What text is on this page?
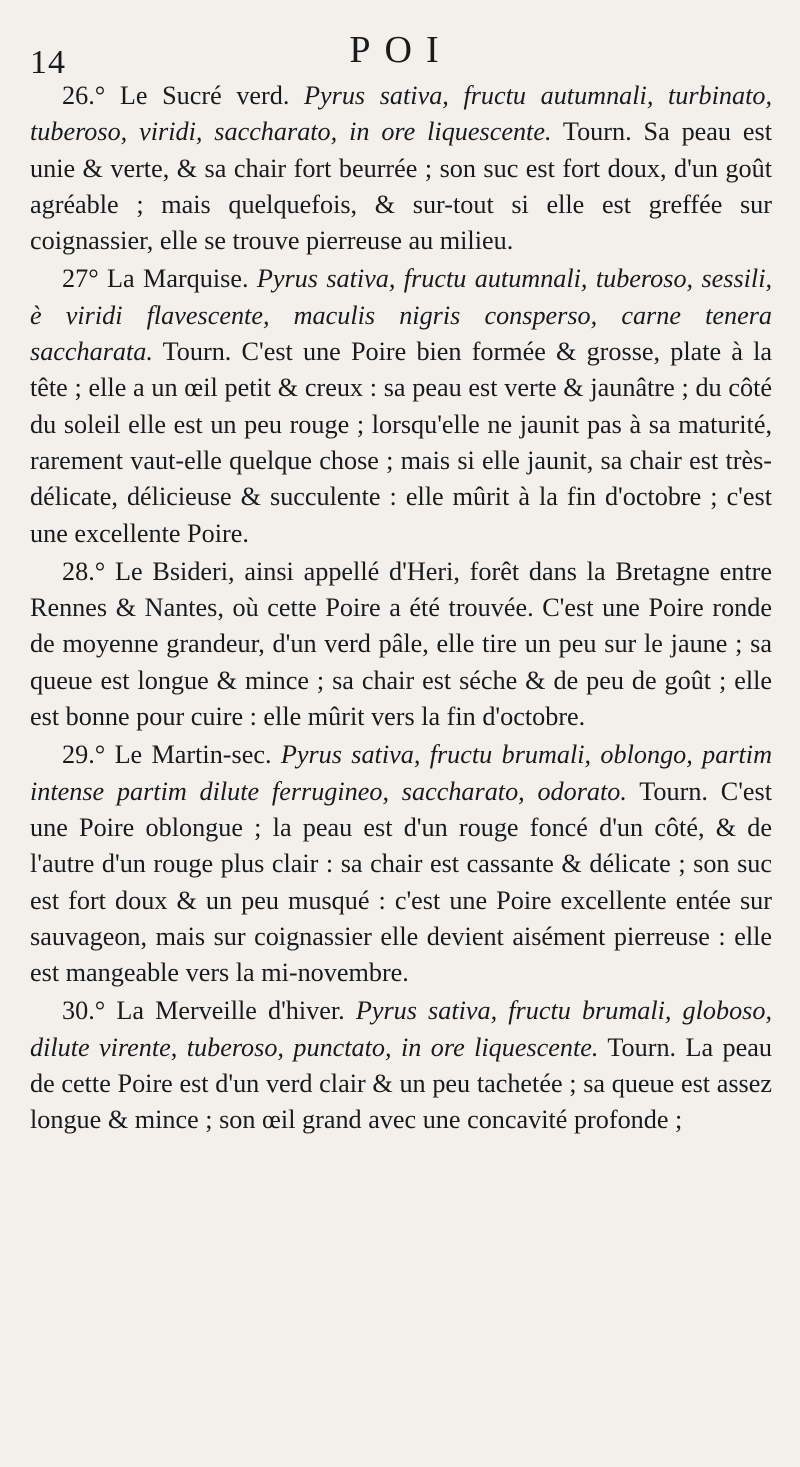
14	POI

26.° Le Sucré verd. Pyrus sativa, fructu autumnali, turbinato, tuberoso, viridi, saccharato, in ore liquescente. Tourn. Sa peau est unie & verte, & sa chair fort beurrée ; son suc est fort doux, d'un goût agréable ; mais quelquefois, & sur-tout si elle est greffée sur coignassier, elle se trouve pierreuse au milieu.

27° La Marquise. Pyrus sativa, fructu autumnali, tuberoso, sessili, è viridi flavescente, maculis nigris consperso, carne tenera saccharata. Tourn. C'est une Poire bien formée & grosse, plate à la tête ; elle a un œil petit & creux : sa peau est verte & jaunâtre ; du côté du soleil elle est un peu rouge ; lorsqu'elle ne jaunit pas à sa maturité, rarement vaut-elle quelque chose ; mais si elle jaunit, sa chair est très-délicate, délicieuse & succulente : elle mûrit à la fin d'octobre ; c'est une excellente Poire.

28.° Le Bsideri, ainsi appellé d'Heri, forêt dans la Bretagne entre Rennes & Nantes, où cette Poire a été trouvée. C'est une Poire ronde de moyenne grandeur, d'un verd pâle, elle tire un peu sur le jaune ; sa queue est longue & mince ; sa chair est séche & de peu de goût ; elle est bonne pour cuire : elle mûrit vers la fin d'octobre.

29.° Le Martin-sec. Pyrus sativa, fructu brumali, oblongo, partim intense partim dilute ferrugineo, saccharato, odorato. Tourn. C'est une Poire oblongue ; la peau est d'un rouge foncé d'un côté, & de l'autre d'un rouge plus clair : sa chair est cassante & délicate ; son suc est fort doux & un peu musqué : c'est une Poire excellente entée sur sauvageon, mais sur coignassier elle devient aisément pierreuse : elle est mangeable vers la mi-novembre.

30.° La Merveille d'hiver. Pyrus sativa, fructu brumali, globoso, dilute virente, tuberoso, punctato, in ore liquescente. Tourn. La peau de cette Poire est d'un verd clair & un peu tachetée ; sa queue est assez longue & mince ; son œil grand avec une concavité profonde ;
